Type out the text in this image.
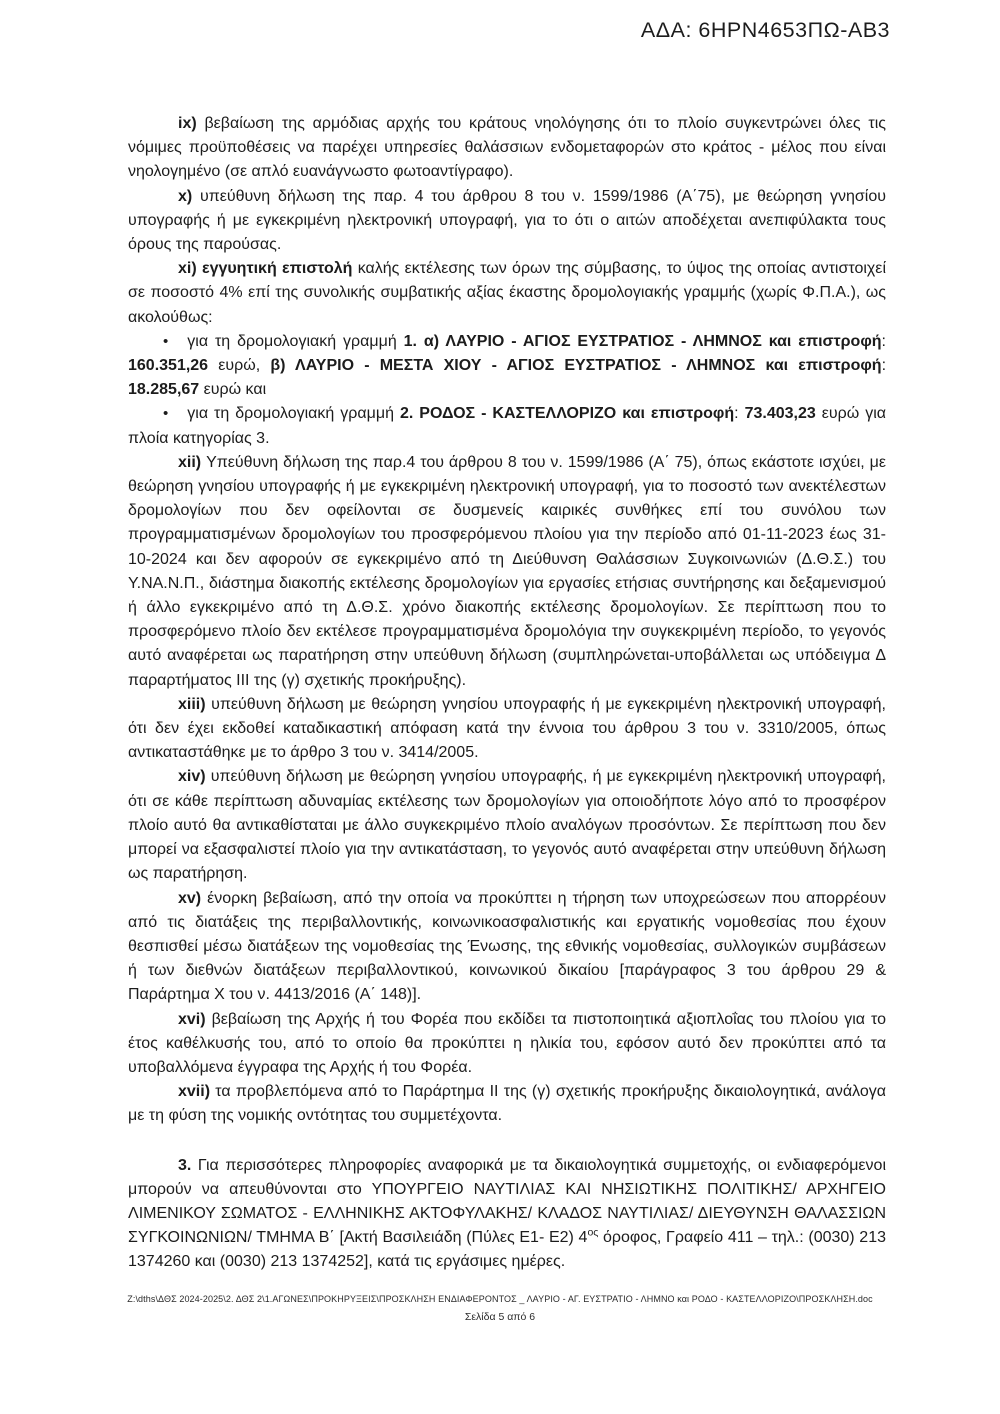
ΑΔΑ: 6ΗΡΝ4653ΠΩ-ΑΒ3

ix) βεβαίωση της αρμόδιας αρχής του κράτους νηολόγησης ότι το πλοίο συγκεντρώνει όλες τις νόμιμες προϋποθέσεις να παρέχει υπηρεσίες θαλάσσιων ενδομεταφορών στο κράτος - μέλος που είναι νηολογημένο (σε απλό ευανάγνωστο φωτοαντίγραφο).

x) υπεύθυνη δήλωση της παρ. 4 του άρθρου 8 του ν. 1599/1986 (Α΄75), με θεώρηση γνησίου υπογραφής ή με εγκεκριμένη ηλεκτρονική υπογραφή, για το ότι ο αιτών αποδέχεται ανεπιφύλακτα τους όρους της παρούσας.

xi) εγγυητική επιστολή καλής εκτέλεσης των όρων της σύμβασης, το ύψος της οποίας αντιστοιχεί σε ποσοστό 4% επί της συνολικής συμβατικής αξίας έκαστης δρομολογιακής γραμμής (χωρίς Φ.Π.Α.), ως ακολούθως:

• για τη δρομολογιακή γραμμή 1. α) ΛΑΥΡΙΟ - ΑΓΙΟΣ ΕΥΣΤΡΑΤΙΟΣ - ΛΗΜΝΟΣ και επιστροφή: 160.351,26 ευρώ, β) ΛΑΥΡΙΟ - ΜΕΣΤΑ ΧΙΟΥ - ΑΓΙΟΣ ΕΥΣΤΡΑΤΙΟΣ - ΛΗΜΝΟΣ και επιστροφή: 18.285,67 ευρώ και

• για τη δρομολογιακή γραμμή 2. ΡΟΔΟΣ - ΚΑΣΤΕΛΛΟΡΙΖΟ και επιστροφή: 73.403,23 ευρώ για πλοία κατηγορίας 3.

xii) Υπεύθυνη δήλωση της παρ.4 του άρθρου 8 του ν. 1599/1986 (Α΄ 75), όπως εκάστοτε ισχύει, με θεώρηση γνησίου υπογραφής ή με εγκεκριμένη ηλεκτρονική υπογραφή, για το ποσοστό των ανεκτέλεστων δρομολογίων που δεν οφείλονται σε δυσμενείς καιρικές συνθήκες επί του συνόλου των προγραμματισμένων δρομολογίων του προσφερόμενου πλοίου για την περίοδο από 01-11-2023 έως 31-10-2024 και δεν αφορούν σε εγκεκριμένο από τη Διεύθυνση Θαλάσσιων Συγκοινωνιών (Δ.Θ.Σ.) του Υ.ΝΑ.Ν.Π., διάστημα διακοπής εκτέλεσης δρομολογίων για εργασίες ετήσιας συντήρησης και δεξαμενισμού ή άλλο εγκεκριμένο από τη Δ.Θ.Σ. χρόνο διακοπής εκτέλεσης δρομολογίων. Σε περίπτωση που το προσφερόμενο πλοίο δεν εκτέλεσε προγραμματισμένα δρομολόγια την συγκεκριμένη περίοδο, το γεγονός αυτό αναφέρεται ως παρατήρηση στην υπεύθυνη δήλωση (συμπληρώνεται-υποβάλλεται ως υπόδειγμα Δ παραρτήματος ΙΙΙ της (γ) σχετικής προκήρυξης).

xiii) υπεύθυνη δήλωση με θεώρηση γνησίου υπογραφής ή με εγκεκριμένη ηλεκτρονική υπογραφή, ότι δεν έχει εκδοθεί καταδικαστική απόφαση κατά την έννοια του άρθρου 3 του ν. 3310/2005, όπως αντικαταστάθηκε με το άρθρο 3 του ν. 3414/2005.

xiv) υπεύθυνη δήλωση με θεώρηση γνησίου υπογραφής, ή με εγκεκριμένη ηλεκτρονική υπογραφή, ότι σε κάθε περίπτωση αδυναμίας εκτέλεσης των δρομολογίων για οποιοδήποτε λόγο από το προσφέρον πλοίο αυτό θα αντικαθίσταται με άλλο συγκεκριμένο πλοίο αναλόγων προσόντων. Σε περίπτωση που δεν μπορεί να εξασφαλιστεί πλοίο για την αντικατάσταση, το γεγονός αυτό αναφέρεται στην υπεύθυνη δήλωση ως παρατήρηση.

xv) ένορκη βεβαίωση, από την οποία να προκύπτει η τήρηση των υποχρεώσεων που απορρέουν από τις διατάξεις της περιβαλλοντικής, κοινωνικοασφαλιστικής και εργατικής νομοθεσίας που έχουν θεσπισθεί μέσω διατάξεων της νομοθεσίας της Ένωσης, της εθνικής νομοθεσίας, συλλογικών συμβάσεων ή των διεθνών διατάξεων περιβαλλοντικού, κοινωνικού δικαίου [παράγραφος 3 του άρθρου 29 & Παράρτημα Χ του ν. 4413/2016 (Α΄ 148)].

xvi) βεβαίωση της Αρχής ή του Φορέα που εκδίδει τα πιστοποιητικά αξιοπλοΐας του πλοίου για το έτος καθέλκυσής του, από το οποίο θα προκύπτει η ηλικία του, εφόσον αυτό δεν προκύπτει από τα υποβαλλόμενα έγγραφα της Αρχής ή του Φορέα.

xvii) τα προβλεπόμενα από το Παράρτημα ΙΙ της (γ) σχετικής προκήρυξης δικαιολογητικά, ανάλογα με τη φύση της νομικής οντότητας του συμμετέχοντα.

3. Για περισσότερες πληροφορίες αναφορικά με τα δικαιολογητικά συμμετοχής, οι ενδιαφερόμενοι μπορούν να απευθύνονται στο ΥΠΟΥΡΓΕΙΟ ΝΑΥΤΙΛΙΑΣ ΚΑΙ ΝΗΣΙΩΤΙΚΗΣ ΠΟΛΙΤΙΚΗΣ/ ΑΡΧΗΓΕΙΟ ΛΙΜΕΝΙΚΟΥ ΣΩΜΑΤΟΣ - ΕΛΛΗΝΙΚΗΣ ΑΚΤΟΦΥΛΑΚΗΣ/ ΚΛΑΔΟΣ ΝΑΥΤΙΛΙΑΣ/ ΔΙΕΥΘΥΝΣΗ ΘΑΛΑΣΣΙΩΝ ΣΥΓΚΟΙΝΩΝΙΩΝ/ ΤΜΗΜΑ Β΄ [Ακτή Βασιλειάδη (Πύλες Ε1- Ε2) $4^{o\varsigma}$ όροφος, Γραφείο 411 – τηλ.: (0030) 213 1374260 και (0030) 213 1374252], κατά τις εργάσιμες ημέρες.

Z:\dths\ΔΘΣ 2024-2025\2. ΔΘΣ 2\1.ΑΓΩΝΕΣ\ΠΡΟΚΗΡΥΞΕΙΣ\ΠΡΟΣΚΛΗΣΗ ΕΝΔΙΑΦΕΡΟΝΤΟΣ _ ΛΑΥΡΙΟ - ΑΓ. ΕΥΣΤΡΑΤΙΟ - ΛΗΜΝΟ και ΡΟΔΟ - ΚΑΣΤΕΛΛΟΡΙΖΟ\ΠΡΟΣΚΛΗΣΗ.doc
Σελίδα 5 από 6
